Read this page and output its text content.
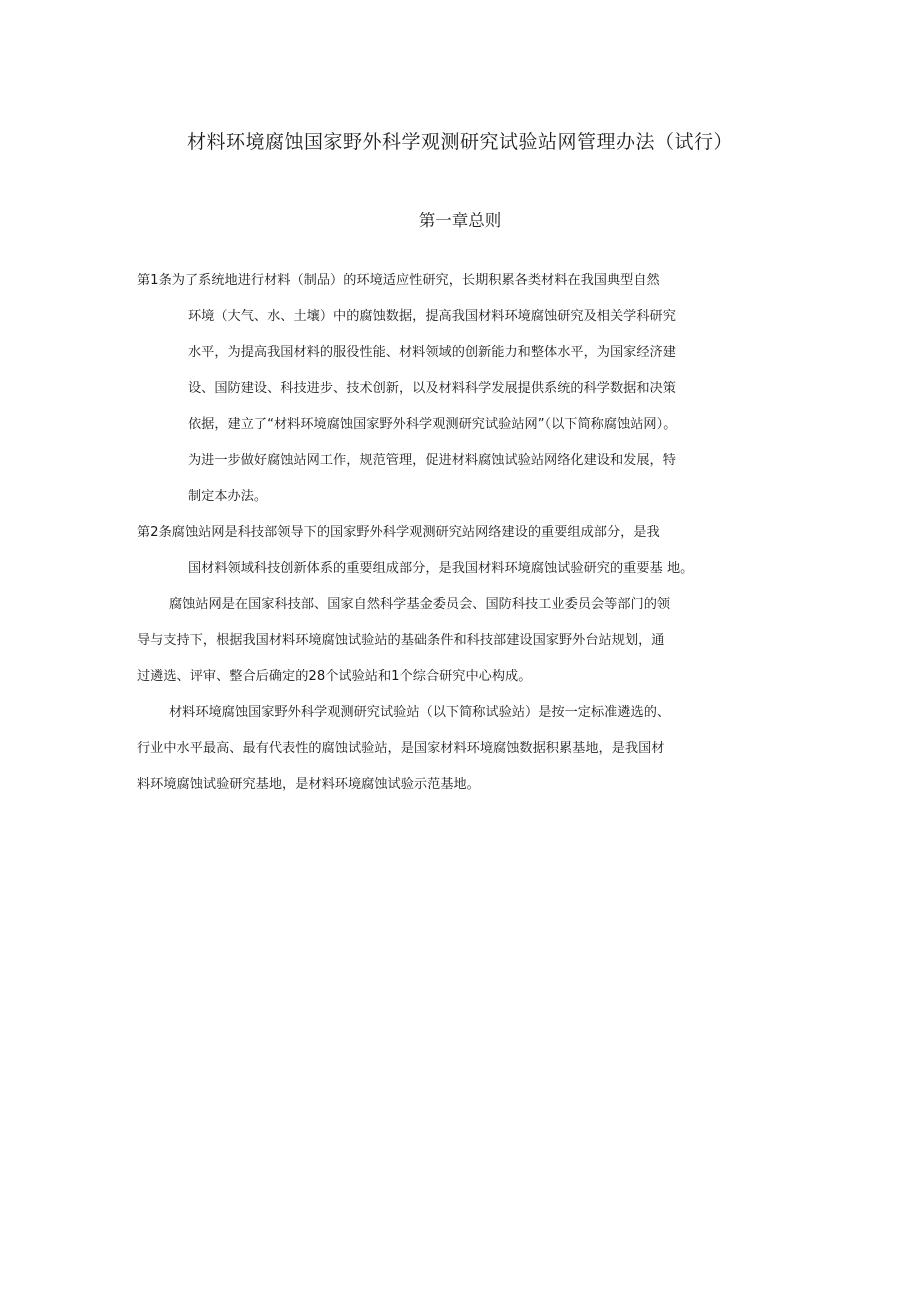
材料环境腐蚀国家野外科学观测研究试验站网管理办法（试行）
第一章总则
第1条为了系统地进行材料（制品）的环境适应性研究，长期积累各类材料在我国典型自然
环境（大气、水、土壤）中的腐蚀数据，提高我国材料环境腐蚀研究及相关学科研究
水平，为提高我国材料的服役性能、材料领域的创新能力和整体水平，为国家经济建
设、国防建设、科技进步、技术创新，以及材料科学发展提供系统的科学数据和决策
依据，建立了“材料环境腐蚀国家野外科学观测研究试验站网”（以下简称腐蚀站网）。
为进一步做好腐蚀站网工作，规范管理，促进材料腐蚀试验站网络化建设和发展，特
制定本办法。
第2条腐蚀站网是科技部领导下的国家野外科学观测研究站网络建设的重要组成部分，是我
国材料领域科技创新体系的重要组成部分，是我国材料环境腐蚀试验研究的重要基 地。
腐蚀站网是在国家科技部、国家自然科学基金委员会、国防科技工业委员会等部门的领
导与支持下，根据我国材料环境腐蚀试验站的基础条件和科技部建设国家野外台站规划，通
过遴选、评审、整合后确定的28个试验站和1个综合研究中心构成。
材料环境腐蚀国家野外科学观测研究试验站（以下简称试验站）是按一定标准遴选的、
行业中水平最高、最有代表性的腐蚀试验站，是国家材料环境腐蚀数据积累基地，是我国材
料环境腐蚀试验研究基地，是材料环境腐蚀试验示范基地。
